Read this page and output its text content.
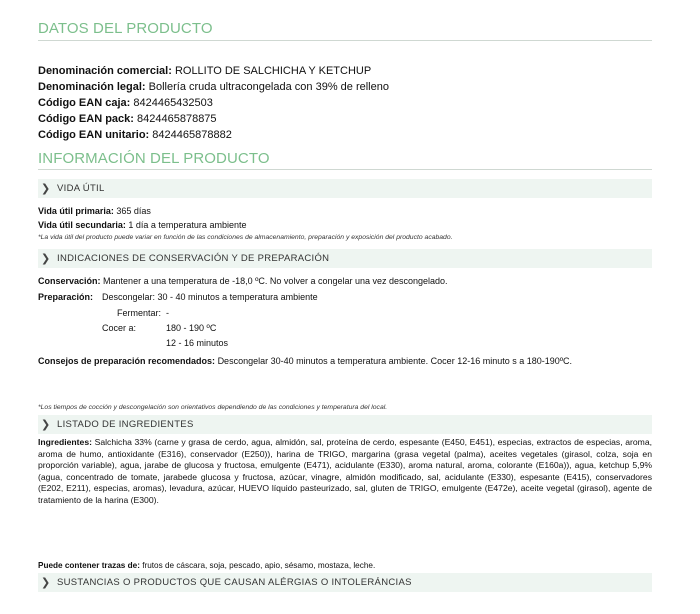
DATOS DEL PRODUCTO
Denominación comercial: ROLLITO DE SALCHICHA Y KETCHUP
Denominación legal: Bollería cruda ultracongelada con 39% de relleno
Código EAN caja: 8424465432503
Código EAN pack: 8424465878875
Código EAN unitario: 8424465878882
INFORMACIÓN DEL PRODUCTO
❯ VIDA ÚTIL
Vida útil primaria: 365 días
Vida útil secundaria: 1 día a temperatura ambiente
*La vida útil del producto puede variar en función de las condiciones de almacenamiento, preparación y exposición del producto acabado.
❯ INDICACIONES DE CONSERVACIÓN Y DE PREPARACIÓN
Conservación: Mantener a una temperatura de -18,0 ºC. No volver a congelar una vez descongelado.
Preparación: Descongelar: 30 - 40 minutos a temperatura ambiente
Fermentar: -
Cocer a:	180 - 190 ºC
12 - 16 minutos
Consejos de preparación recomendados: Descongelar 30-40 minutos a temperatura ambiente. Cocer 12-16 minuto s a 180-190ºC.
*Los tiempos de cocción y descongelación son orientativos dependiendo de las condiciones y temperatura del local.
❯ LISTADO DE INGREDIENTES
Ingredientes: Salchicha 33% (carne y grasa de cerdo, agua, almidón, sal, proteína de cerdo, espesante (E450, E451), especias, extractos de especias, aroma, aroma de humo, antioxidante (E316), conservador (E250)), harina de TRIGO, margarina (grasa vegetal (palma), aceites vegetales (girasol, colza, soja en proporción variable), agua, jarabe de glucosa y fructosa, emulgente (E471), acidulante (E330), aroma natural, aroma, colorante (E160a)), agua, ketchup 5,9% (agua, concentrado de tomate, jarabede glucosa y fructosa, azúcar, vinagre, almidón modificado, sal, acidulante (E330), espesante (E415), conservadores (E202, E211), especias, aromas), levadura, azúcar, HUEVO líquido pasteurizado, sal, gluten de TRIGO, emulgente (E472e), aceite vegetal (girasol), agente de tratamiento de la harina (E300).
Puede contener trazas de: frutos de cáscara, soja, pescado, apio, sésamo, mostaza, leche.
❯ SUSTANCIAS O PRODUCTOS QUE CAUSAN ALÉRGIAS O INTOLERÁNCIAS
